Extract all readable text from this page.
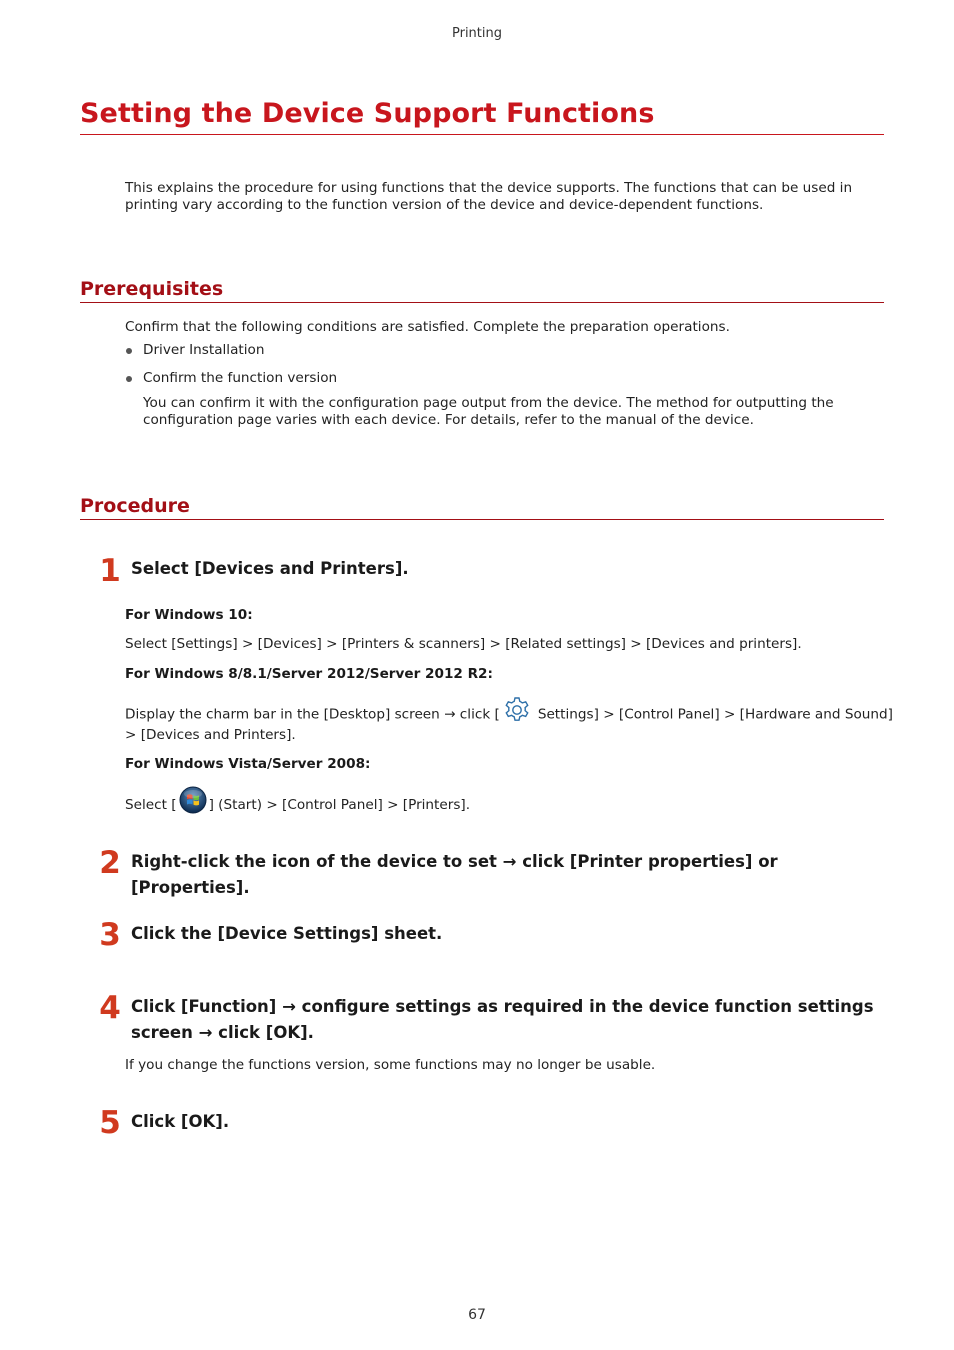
Printing
Setting the Device Support Functions

This explains the procedure for using functions that the device supports. The functions that can be used in printing vary according to the function version of the device and device-dependent functions.

Prerequisites

Confirm that the following conditions are satisfied. Complete the preparation operations.

Driver Installation
Confirm the function version
You can confirm it with the configuration page output from the device. The method for outputting the configuration page varies with each device. For details, refer to the manual of the device.
Procedure
1 Select [Devices and Printers].

For Windows 10:

Select [Settings] > [Devices] > [Printers & scanners] > [Related settings] > [Devices and printers].

For Windows 8/8.1/Server 2012/Server 2012 R2:
Display the charm bar in the [Desktop] screen → click [	Settings] > [Control Panel] > [Hardware and Sound]

> [Devices and Printers].

For Windows Vista/Server 2008:
Select [ ] (Start) > [Control Panel] > [Printers].
2 Right-click the icon of the device to set → click [Printer properties] or [Properties].

3 Click the [Device Settings] sheet.

4 Click [Function] → configure settings as required in the device function settings screen → click [OK].

If you change the functions version, some functions may no longer be usable.

5 Click [OK].

67
